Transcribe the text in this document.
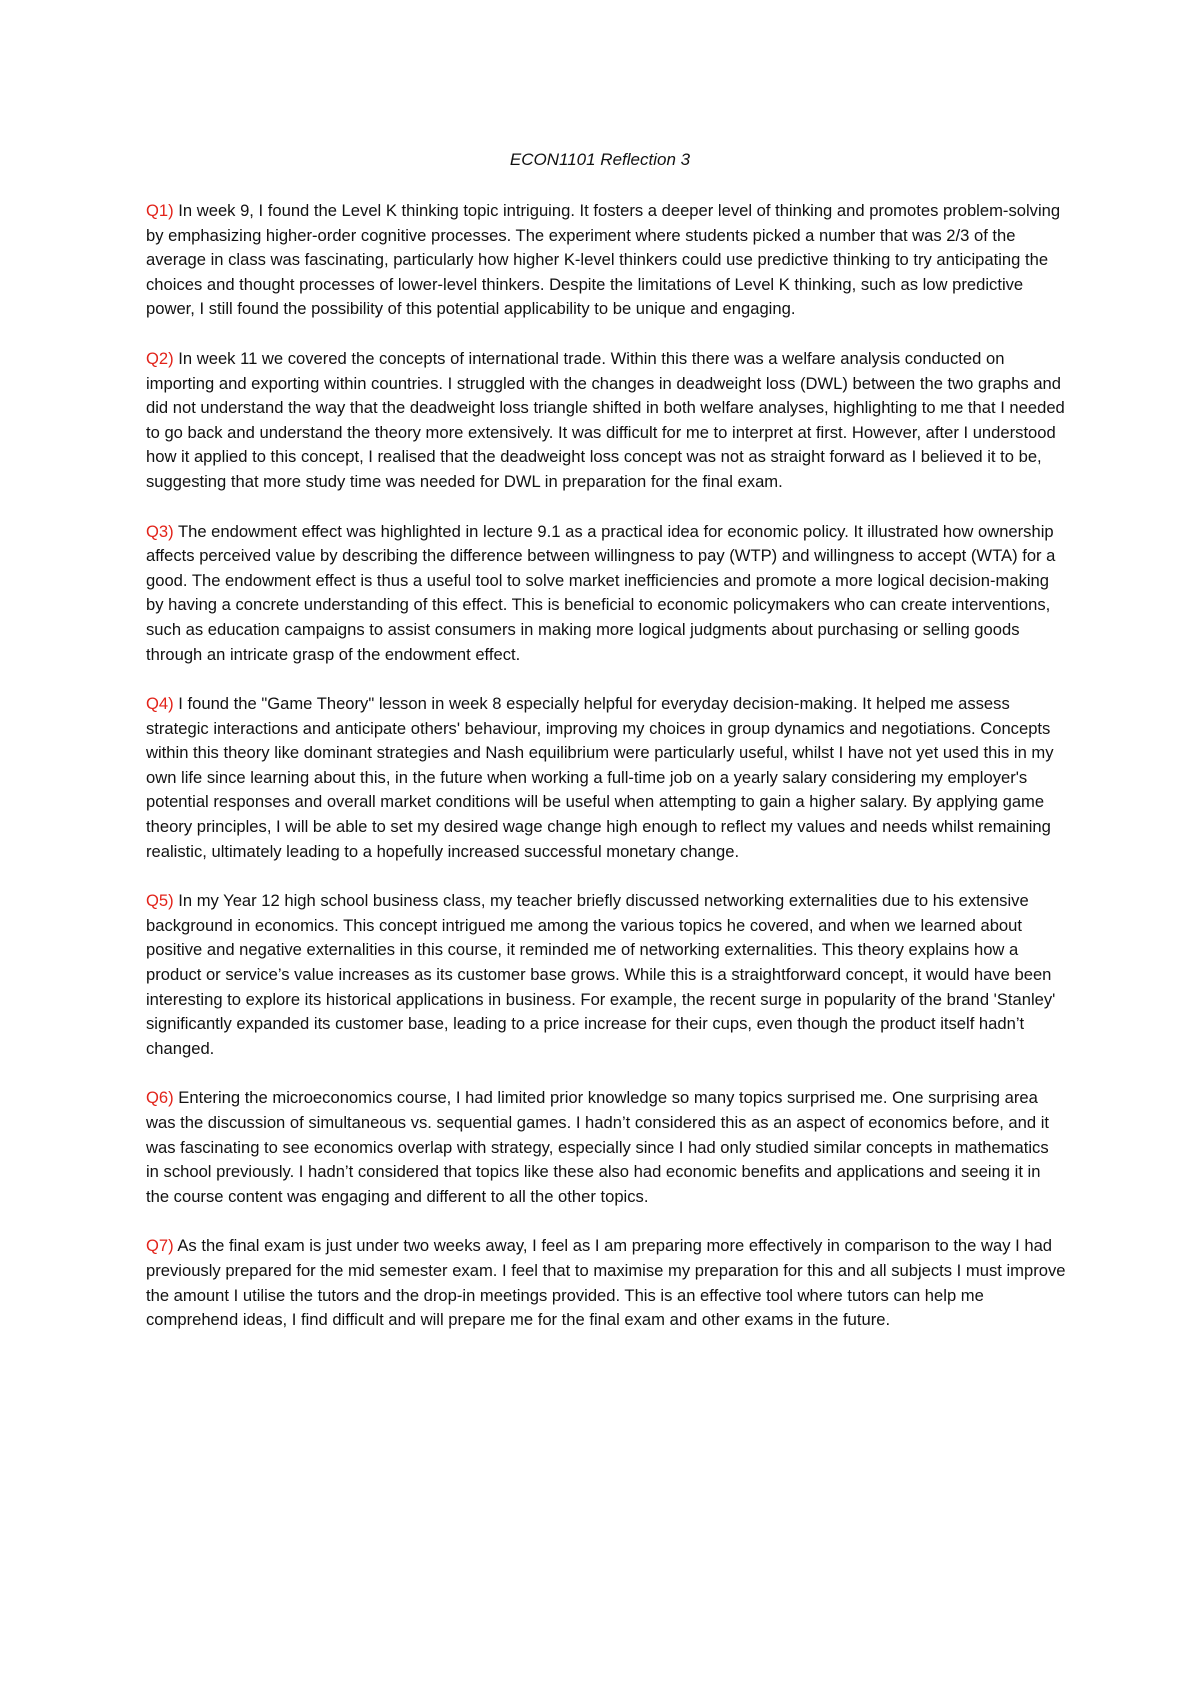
ECON1101 Reflection 3

Q1) In week 9, I found the Level K thinking topic intriguing. It fosters a deeper level of thinking and promotes problem-solving by emphasizing higher-order cognitive processes. The experiment where students picked a number that was 2/3 of the average in class was fascinating, particularly how higher K-level thinkers could use predictive thinking to try anticipating the choices and thought processes of lower-level thinkers. Despite the limitations of Level K thinking, such as low predictive power, I still found the possibility of this potential applicability to be unique and engaging.

Q2) In week 11 we covered the concepts of international trade. Within this there was a welfare analysis conducted on importing and exporting within countries. I struggled with the changes in deadweight loss (DWL) between the two graphs and did not understand the way that the deadweight loss triangle shifted in both welfare analyses, highlighting to me that I needed to go back and understand the theory more extensively. It was difficult for me to interpret at first. However, after I understood how it applied to this concept, I realised that the deadweight loss concept was not as straight forward as I believed it to be, suggesting that more study time was needed for DWL in preparation for the final exam.

Q3) The endowment effect was highlighted in lecture 9.1 as a practical idea for economic policy. It illustrated how ownership affects perceived value by describing the difference between willingness to pay (WTP) and willingness to accept (WTA) for a good. The endowment effect is thus a useful tool to solve market inefficiencies and promote a more logical decision-making by having a concrete understanding of this effect. This is beneficial to economic policymakers who can create interventions, such as education campaigns to assist consumers in making more logical judgments about purchasing or selling goods through an intricate grasp of the endowment effect.

Q4) I found the "Game Theory" lesson in week 8 especially helpful for everyday decision-making. It helped me assess strategic interactions and anticipate others' behaviour, improving my choices in group dynamics and negotiations. Concepts within this theory like dominant strategies and Nash equilibrium were particularly useful, whilst I have not yet used this in my own life since learning about this, in the future when working a full-time job on a yearly salary considering my employer's potential responses and overall market conditions will be useful when attempting to gain a higher salary. By applying game theory principles, I will be able to set my desired wage change high enough to reflect my values and needs whilst remaining realistic, ultimately leading to a hopefully increased successful monetary change.

Q5) In my Year 12 high school business class, my teacher briefly discussed networking externalities due to his extensive background in economics. This concept intrigued me among the various topics he covered, and when we learned about positive and negative externalities in this course, it reminded me of networking externalities. This theory explains how a product or service’s value increases as its customer base grows. While this is a straightforward concept, it would have been interesting to explore its historical applications in business. For example, the recent surge in popularity of the brand 'Stanley' significantly expanded its customer base, leading to a price increase for their cups, even though the product itself hadn’t changed.

Q6) Entering the microeconomics course, I had limited prior knowledge so many topics surprised me. One surprising area was the discussion of simultaneous vs. sequential games. I hadn’t considered this as an aspect of economics before, and it was fascinating to see economics overlap with strategy, especially since I had only studied similar concepts in mathematics in school previously. I hadn’t considered that topics like these also had economic benefits and applications and seeing it in the course content was engaging and different to all the other topics.

Q7) As the final exam is just under two weeks away, I feel as I am preparing more effectively in comparison to the way I had previously prepared for the mid semester exam. I feel that to maximise my preparation for this and all subjects I must improve the amount I utilise the tutors and the drop-in meetings provided. This is an effective tool where tutors can help me comprehend ideas, I find difficult and will prepare me for the final exam and other exams in the future.
